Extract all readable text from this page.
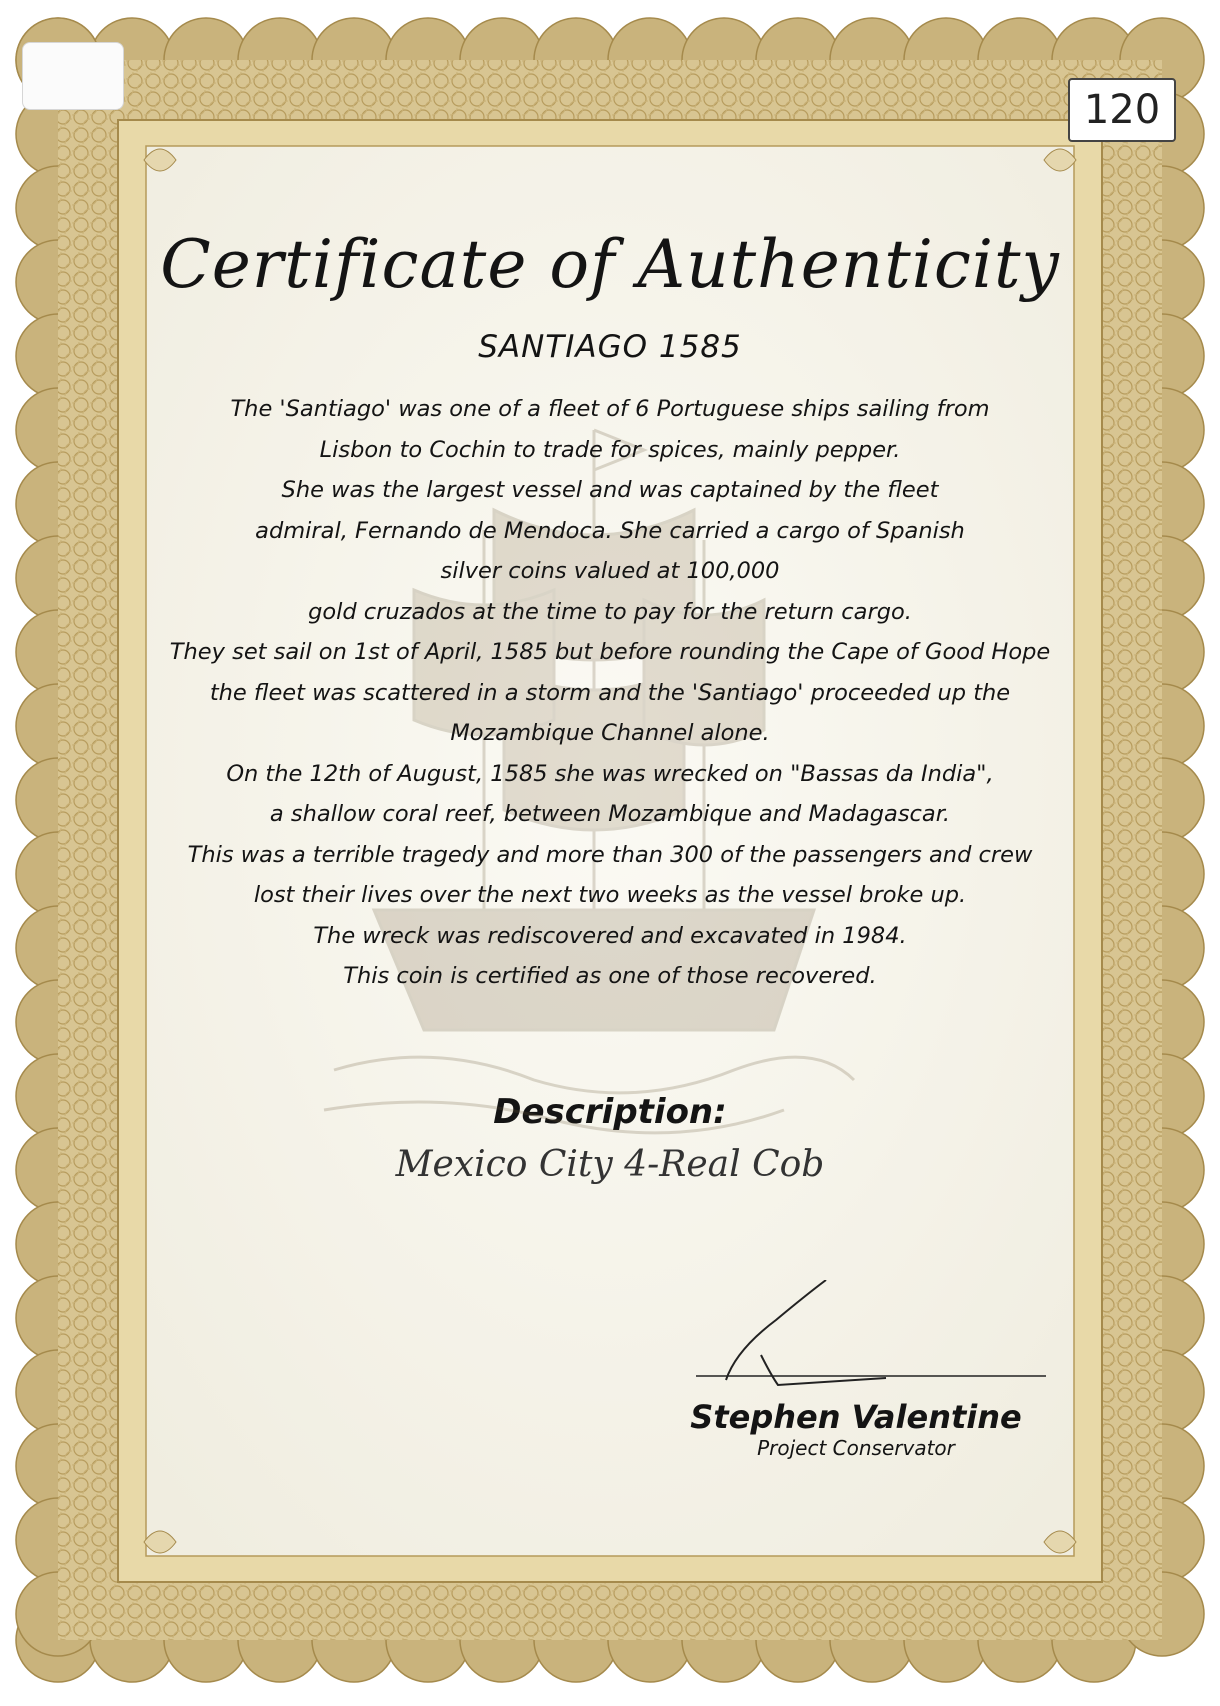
120
Certificate of Authenticity
SANTIAGO 1585
The 'Santiago' was one of a fleet of 6 Portuguese ships sailing from
Lisbon to Cochin to trade for spices, mainly pepper.
She was the largest vessel and was captained by the fleet
admiral, Fernando de Mendoca. She carried a cargo of Spanish
silver coins valued at 100,000
gold cruzados at the time to pay for the return cargo.
They set sail on 1st of April, 1585 but before rounding the Cape of Good Hope
the fleet was scattered in a storm and the 'Santiago' proceeded up the
Mozambique Channel alone.
On the 12th of August, 1585 she was wrecked on "Bassas da India",
a shallow coral reef, between Mozambique and Madagascar.
This was a terrible tragedy and more than 300 of the passengers and crew
lost their lives over the next two weeks as the vessel broke up.
The wreck was rediscovered and excavated in 1984.
This coin is certified as one of those recovered.
Description:
Mexico City 4-Real Cob
Stephen Valentine
Project Conservator
